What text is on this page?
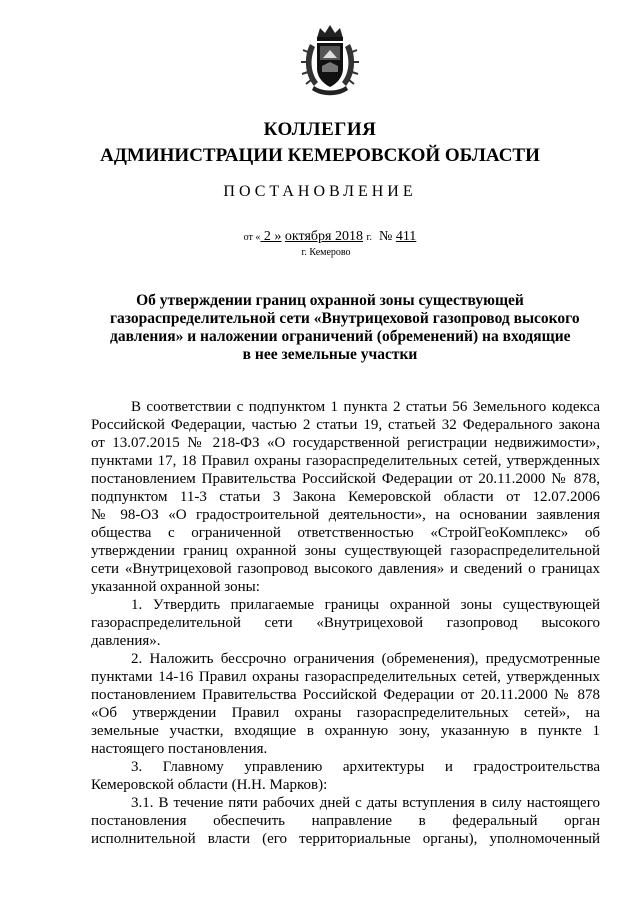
КОЛЛЕГИЯ
АДМИНИСТРАЦИИ КЕМЕРОВСКОЙ ОБЛАСТИ
ПОСТАНОВЛЕНИЕ
от « 2 » октября 2018 г. № 411
г. Кемерово
Об утверждении границ охранной зоны существующей
газораспределительной сети «Внутрицеховой газопровод высокого
давления» и наложении ограничений (обременений) на входящие
в нее земельные участки
В соответствии с подпунктом 1 пункта 2 статьи 56 Земельного кодекса
Российской Федерации, частью 2 статьи 19, статьей 32 Федерального закона
от 13.07.2015 № 218-ФЗ «О государственной регистрации недвижимости»,
пунктами 17, 18 Правил охраны газораспределительных сетей, утвержденных
постановлением Правительства Российской Федерации от 20.11.2000 № 878,
подпунктом 11-3 статьи 3 Закона Кемеровской области от 12.07.2006
№ 98-ОЗ «О градостроительной деятельности», на основании заявления
общества с ограниченной ответственностью «СтройГеоКомплекс» об
утверждении границ охранной зоны существующей газораспределительной
сети «Внутрицеховой газопровод высокого давления» и сведений о границах
указанной охранной зоны:
1. Утвердить прилагаемые границы охранной зоны существующей
газораспределительной сети «Внутрицеховой газопровод высокого
давления».
2. Наложить бессрочно ограничения (обременения), предусмотренные
пунктами 14-16 Правил охраны газораспределительных сетей, утвержденных
постановлением Правительства Российской Федерации от 20.11.2000 № 878
«Об утверждении Правил охраны газораспределительных сетей», на
земельные участки, входящие в охранную зону, указанную в пункте 1
настоящего постановления.
3. Главному управлению архитектуры и градостроительства
Кемеровской области (Н.Н. Марков):
3.1. В течение пяти рабочих дней с даты вступления в силу настоящего
постановления обеспечить направление в федеральный орган
исполнительной власти (его территориальные органы), уполномоченный
